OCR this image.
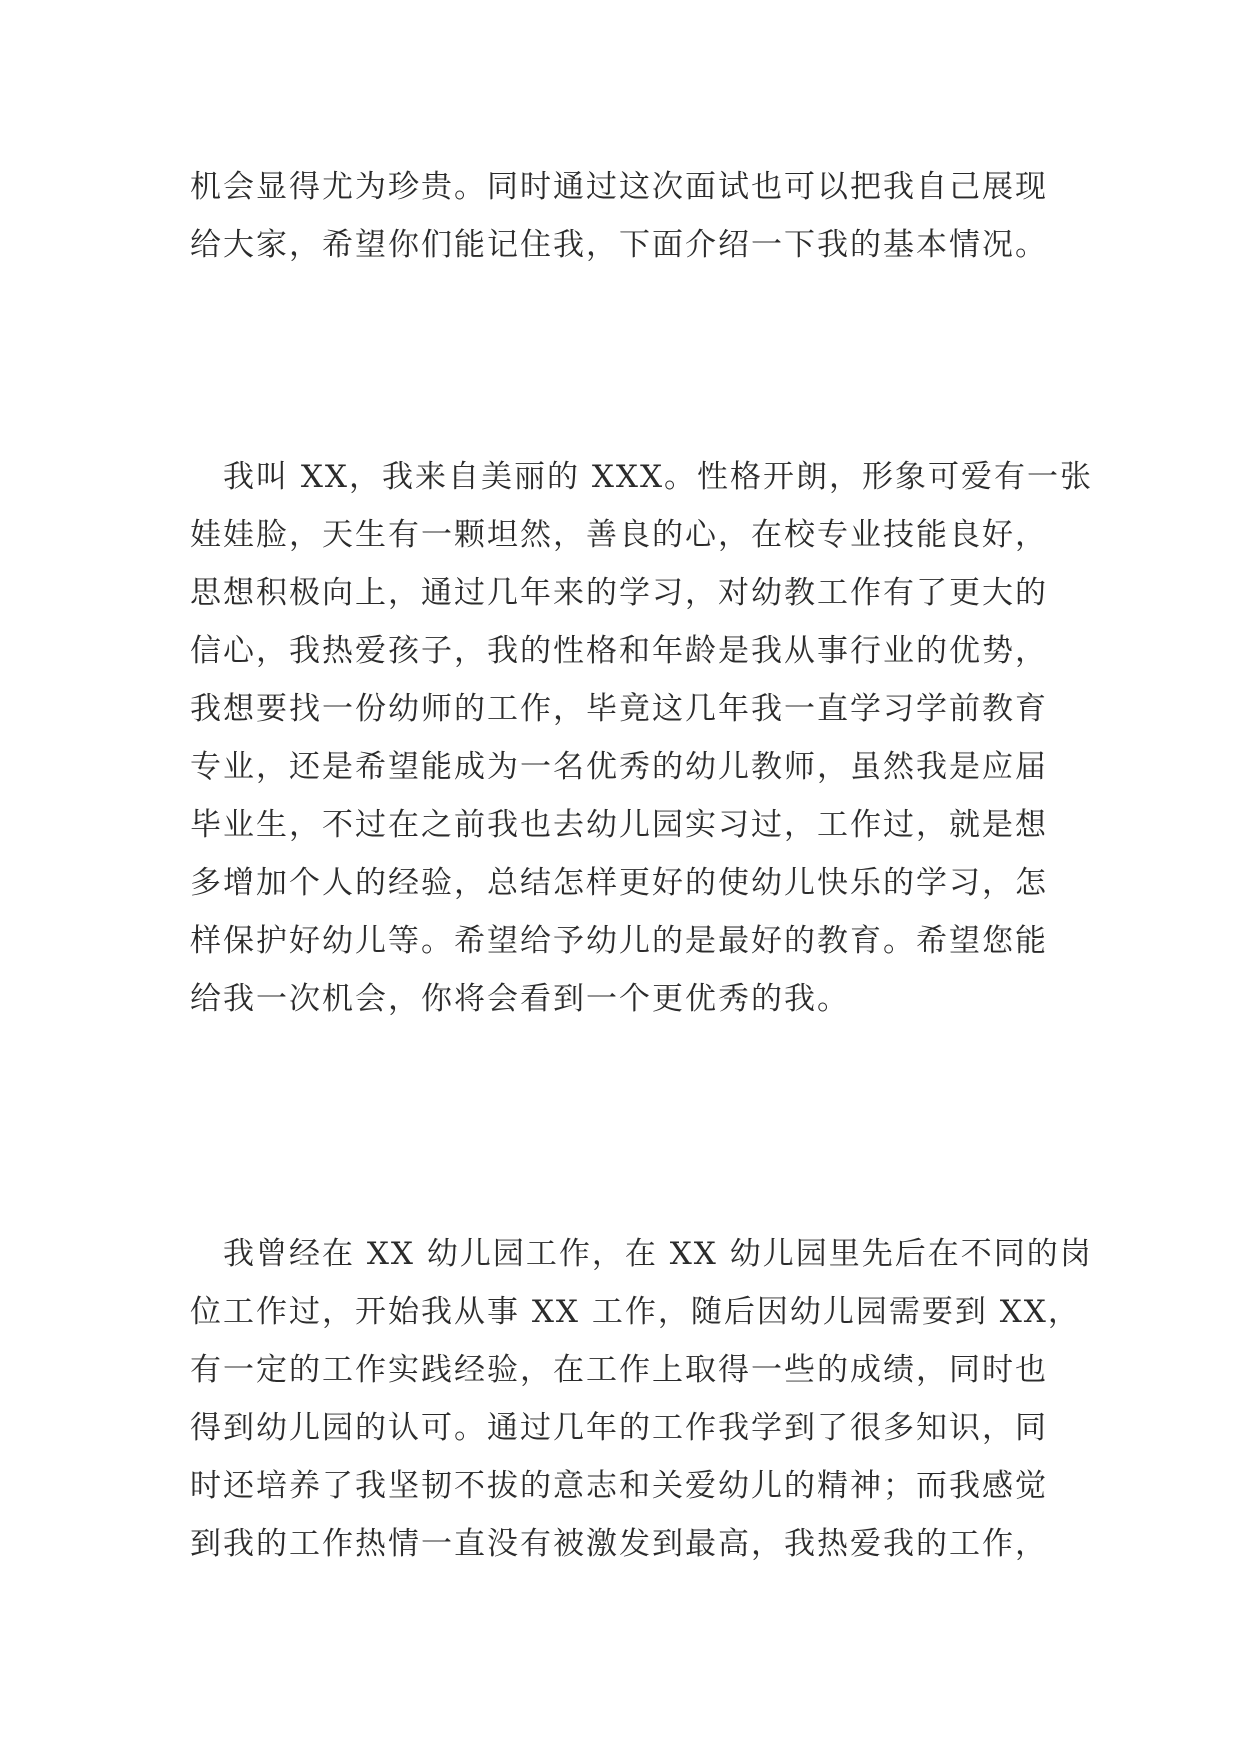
机会显得尤为珍贵。同时通过这次面试也可以把我自己展现
给大家，希望你们能记住我，下面介绍一下我的基本情况。
　我叫 XX，我来自美丽的 XXX。性格开朗，形象可爱有一张
娃娃脸，天生有一颗坦然，善良的心，在校专业技能良好，
思想积极向上，通过几年来的学习，对幼教工作有了更大的
信心，我热爱孩子，我的性格和年龄是我从事行业的优势，
我想要找一份幼师的工作，毕竟这几年我一直学习学前教育
专业，还是希望能成为一名优秀的幼儿教师，虽然我是应届
毕业生，不过在之前我也去幼儿园实习过，工作过，就是想
多增加个人的经验，总结怎样更好的使幼儿快乐的学习，怎
样保护好幼儿等。希望给予幼儿的是最好的教育。希望您能
给我一次机会，你将会看到一个更优秀的我。
　我曾经在 XX 幼儿园工作，在 XX 幼儿园里先后在不同的岗
位工作过，开始我从事 XX 工作，随后因幼儿园需要到 XX，
有一定的工作实践经验，在工作上取得一些的成绩，同时也
得到幼儿园的认可。通过几年的工作我学到了很多知识，同
时还培养了我坚韧不拔的意志和关爱幼儿的精神；而我感觉
到我的工作热情一直没有被激发到最高，我热爱我的工作，
